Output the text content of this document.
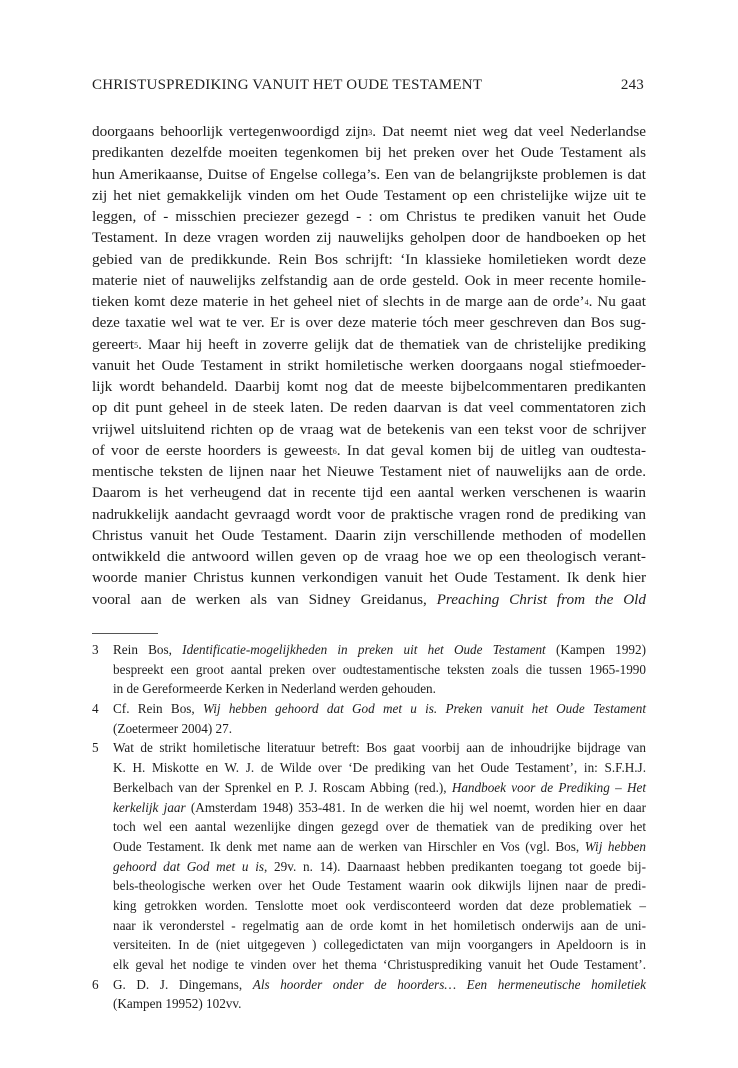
CHRISTUSPREDIKING VANUIT HET OUDE TESTAMENT	243
doorgaans behoorlijk vertegenwoordigd zijn3. Dat neemt niet weg dat veel Nederlandse
predikanten dezelfde moeiten tegenkomen bij het preken over het Oude Testament als
hun Amerikaanse, Duitse of Engelse collega’s. Een van de belangrijkste problemen is dat
zij het niet gemakkelijk vinden om het Oude Testament op een christelijke wijze uit te
leggen, of - misschien preciezer gezegd - : om Christus te prediken vanuit het Oude
Testament. In deze vragen worden zij nauwelijks geholpen door de handboeken op het
gebied van de predikkunde. Rein Bos schrijft: ‘In klassieke homiletieken wordt deze
materie niet of nauwelijks zelfstandig aan de orde gesteld. Ook in meer recente homile-
tieken komt deze materie in het geheel niet of slechts in de marge aan de orde’4. Nu gaat
deze taxatie wel wat te ver. Er is over deze materie tóch meer geschreven dan Bos sug-
gereert5. Maar hij heeft in zoverre gelijk dat de thematiek van de christelijke prediking
vanuit het Oude Testament in strikt homiletische werken doorgaans nogal stiefmoeder-
lijk wordt behandeld. Daarbij komt nog dat de meeste bijbelcommentaren predikanten
op dit punt geheel in de steek laten. De reden daarvan is dat veel commentatoren zich
vrijwel uitsluitend richten op de vraag wat de betekenis van een tekst voor de schrijver
of voor de eerste hoorders is geweest6. In dat geval komen bij de uitleg van oudtesta-
mentische teksten de lijnen naar het Nieuwe Testament niet of nauwelijks aan de orde.
Daarom is het verheugend dat in recente tijd een aantal werken verschenen is waarin
nadrukkelijk aandacht gevraagd wordt voor de praktische vragen rond de prediking van
Christus vanuit het Oude Testament. Daarin zijn verschillende methoden of modellen
ontwikkeld die antwoord willen geven op de vraag hoe we op een theologisch verant-
woorde manier Christus kunnen verkondigen vanuit het Oude Testament. Ik denk hier
vooral aan de werken als van Sidney Greidanus, Preaching Christ from the Old
3 Rein Bos, Identificatie-mogelijkheden in preken uit het Oude Testament (Kampen 1992)
bespreekt een groot aantal preken over oudtestamentische teksten zoals die tussen 1965-1990
in de Gereformeerde Kerken in Nederland werden gehouden.
4 Cf. Rein Bos, Wij hebben gehoord dat God met u is. Preken vanuit het Oude Testament
(Zoetermeer 2004) 27.
5 Wat de strikt homiletische literatuur betreft: Bos gaat voorbij aan de inhoudrijke bijdrage van
K. H. Miskotte en W. J. de Wilde over ‘De prediking van het Oude Testament’, in: S.F.H.J.
Berkelbach van der Sprenkel en P. J. Roscam Abbing (red.), Handboek voor de Prediking – Het
kerkelijk jaar (Amsterdam 1948) 353-481. In de werken die hij wel noemt, worden hier en daar
toch wel een aantal wezenlijke dingen gezegd over de thematiek van de prediking over het
Oude Testament. Ik denk met name aan de werken van Hirschler en Vos (vgl. Bos, Wij hebben
gehoord dat God met u is, 29v. n. 14). Daarnaast hebben predikanten toegang tot goede bij-
bels-theologische werken over het Oude Testament waarin ook dikwijls lijnen naar de predi-
king getrokken worden. Tenslotte moet ook verdisconteerd worden dat deze problematiek –
naar ik veronderstel - regelmatig aan de orde komt in het homiletisch onderwijs aan de uni-
versiteiten. In de (niet uitgegeven ) collegedictaten van mijn voorgangers in Apeldoorn is in
elk geval het nodige te vinden over het thema ‘Christusprediking vanuit het Oude Testament’.
6 G. D. J. Dingemans, Als hoorder onder de hoorders… Een hermeneutische homiletiek
(Kampen 19952) 102vv.
